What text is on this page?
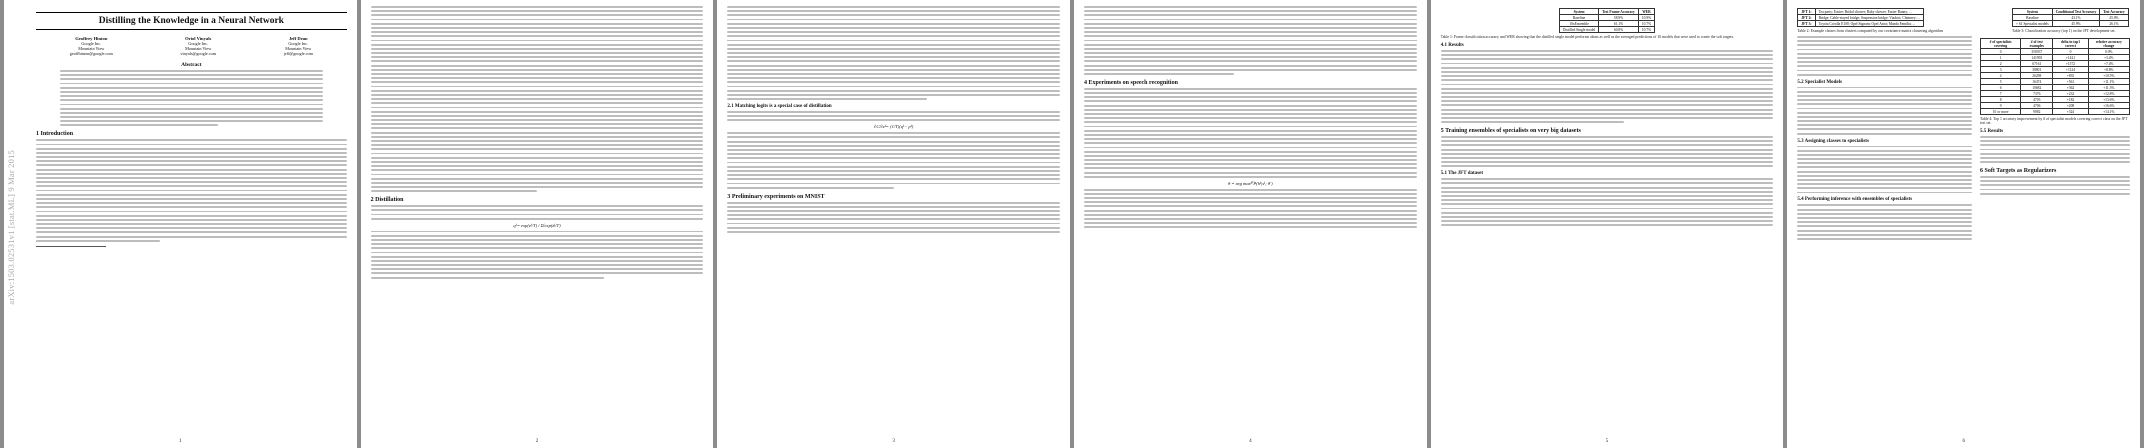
arXiv:1503.02531v1 [stat.ML] 9 Mar 2015
Distilling the Knowledge in a Neural Network
Geoffrey Hinton
Google Inc.
Mountain View
geoffhinton@google.com
Oriol Vinyals
Google Inc.
Mountain View
vinyals@google.com
Jeff Dean
Google Inc.
Mountain View
jeff@google.com
Abstract
1 Introduction
1
2 Distillation
q i = exp(z i /T) / Σ j exp(z j /T)
2
2.1 Matching logits is a special case of distillation
∂C/∂z i = (1/T)(q i − p i )
3 Preliminary experiments on MNIST
3
4 Experiments on speech recognition
θ = arg max θ' P(h t |s t ; θ')
4
System	Test Frame Accuracy	WER
Baseline	58.9%	10.9%
10xEnsemble	61.1%	10.7%
Distilled Single model	60.8%	10.7%
Table 1: Frame classification accuracy and WER showing that the distilled single model performs about as well as the averaged predictions of 10 models that were used to create the soft targets.
4.1 Results
5 Training ensembles of specialists on very big datasets
5.1 The JFT dataset
5
JFT 1:	Tea party; Easter; Bridal shower; Baby shower; Easter Bunny; ...
JFT 2:	Bridge; Cable-stayed bridge; Suspension bridge; Viaduct; Chimney; ...
JFT 3:	Toyota Corolla E100; Opel Signum; Opel Astra; Mazda Familia; ...
Table 2: Example classes from clusters computed by our covariance matrix clustering algorithm
System	Conditional Test Accuracy	Test Accuracy
Baseline	43.1%	25.0%
+ 61 Specialist models	45.9%	26.1%
Table 3: Classification accuracy (top 1) on the JFT development set.
5.2 Specialist Models
5.3 Assigning classes to specialists
5.4 Performing inference with ensembles of specialists
# of specialists covering	# of test examples	delta in top1 correct	relative accuracy change
0	350037	0	0.0%
1	141993	+1421	+3.4%
2	67161	+1572	+7.4%
3	38801	+1124	+8.8%
4	26298	+835	+10.5%
5	16474	+561	+11.1%
6	10682	+362	+11.3%
7	7376	+232	+12.8%
8	4703	+182	+13.6%
9	4706	+208	+16.6%
10 or more	9082	+324	+14.1%
Table 4: Top 1 accuracy improvement by # of specialist models covering correct class on the JFT test set.
5.5 Results
6 Soft Targets as Regularizers
6
